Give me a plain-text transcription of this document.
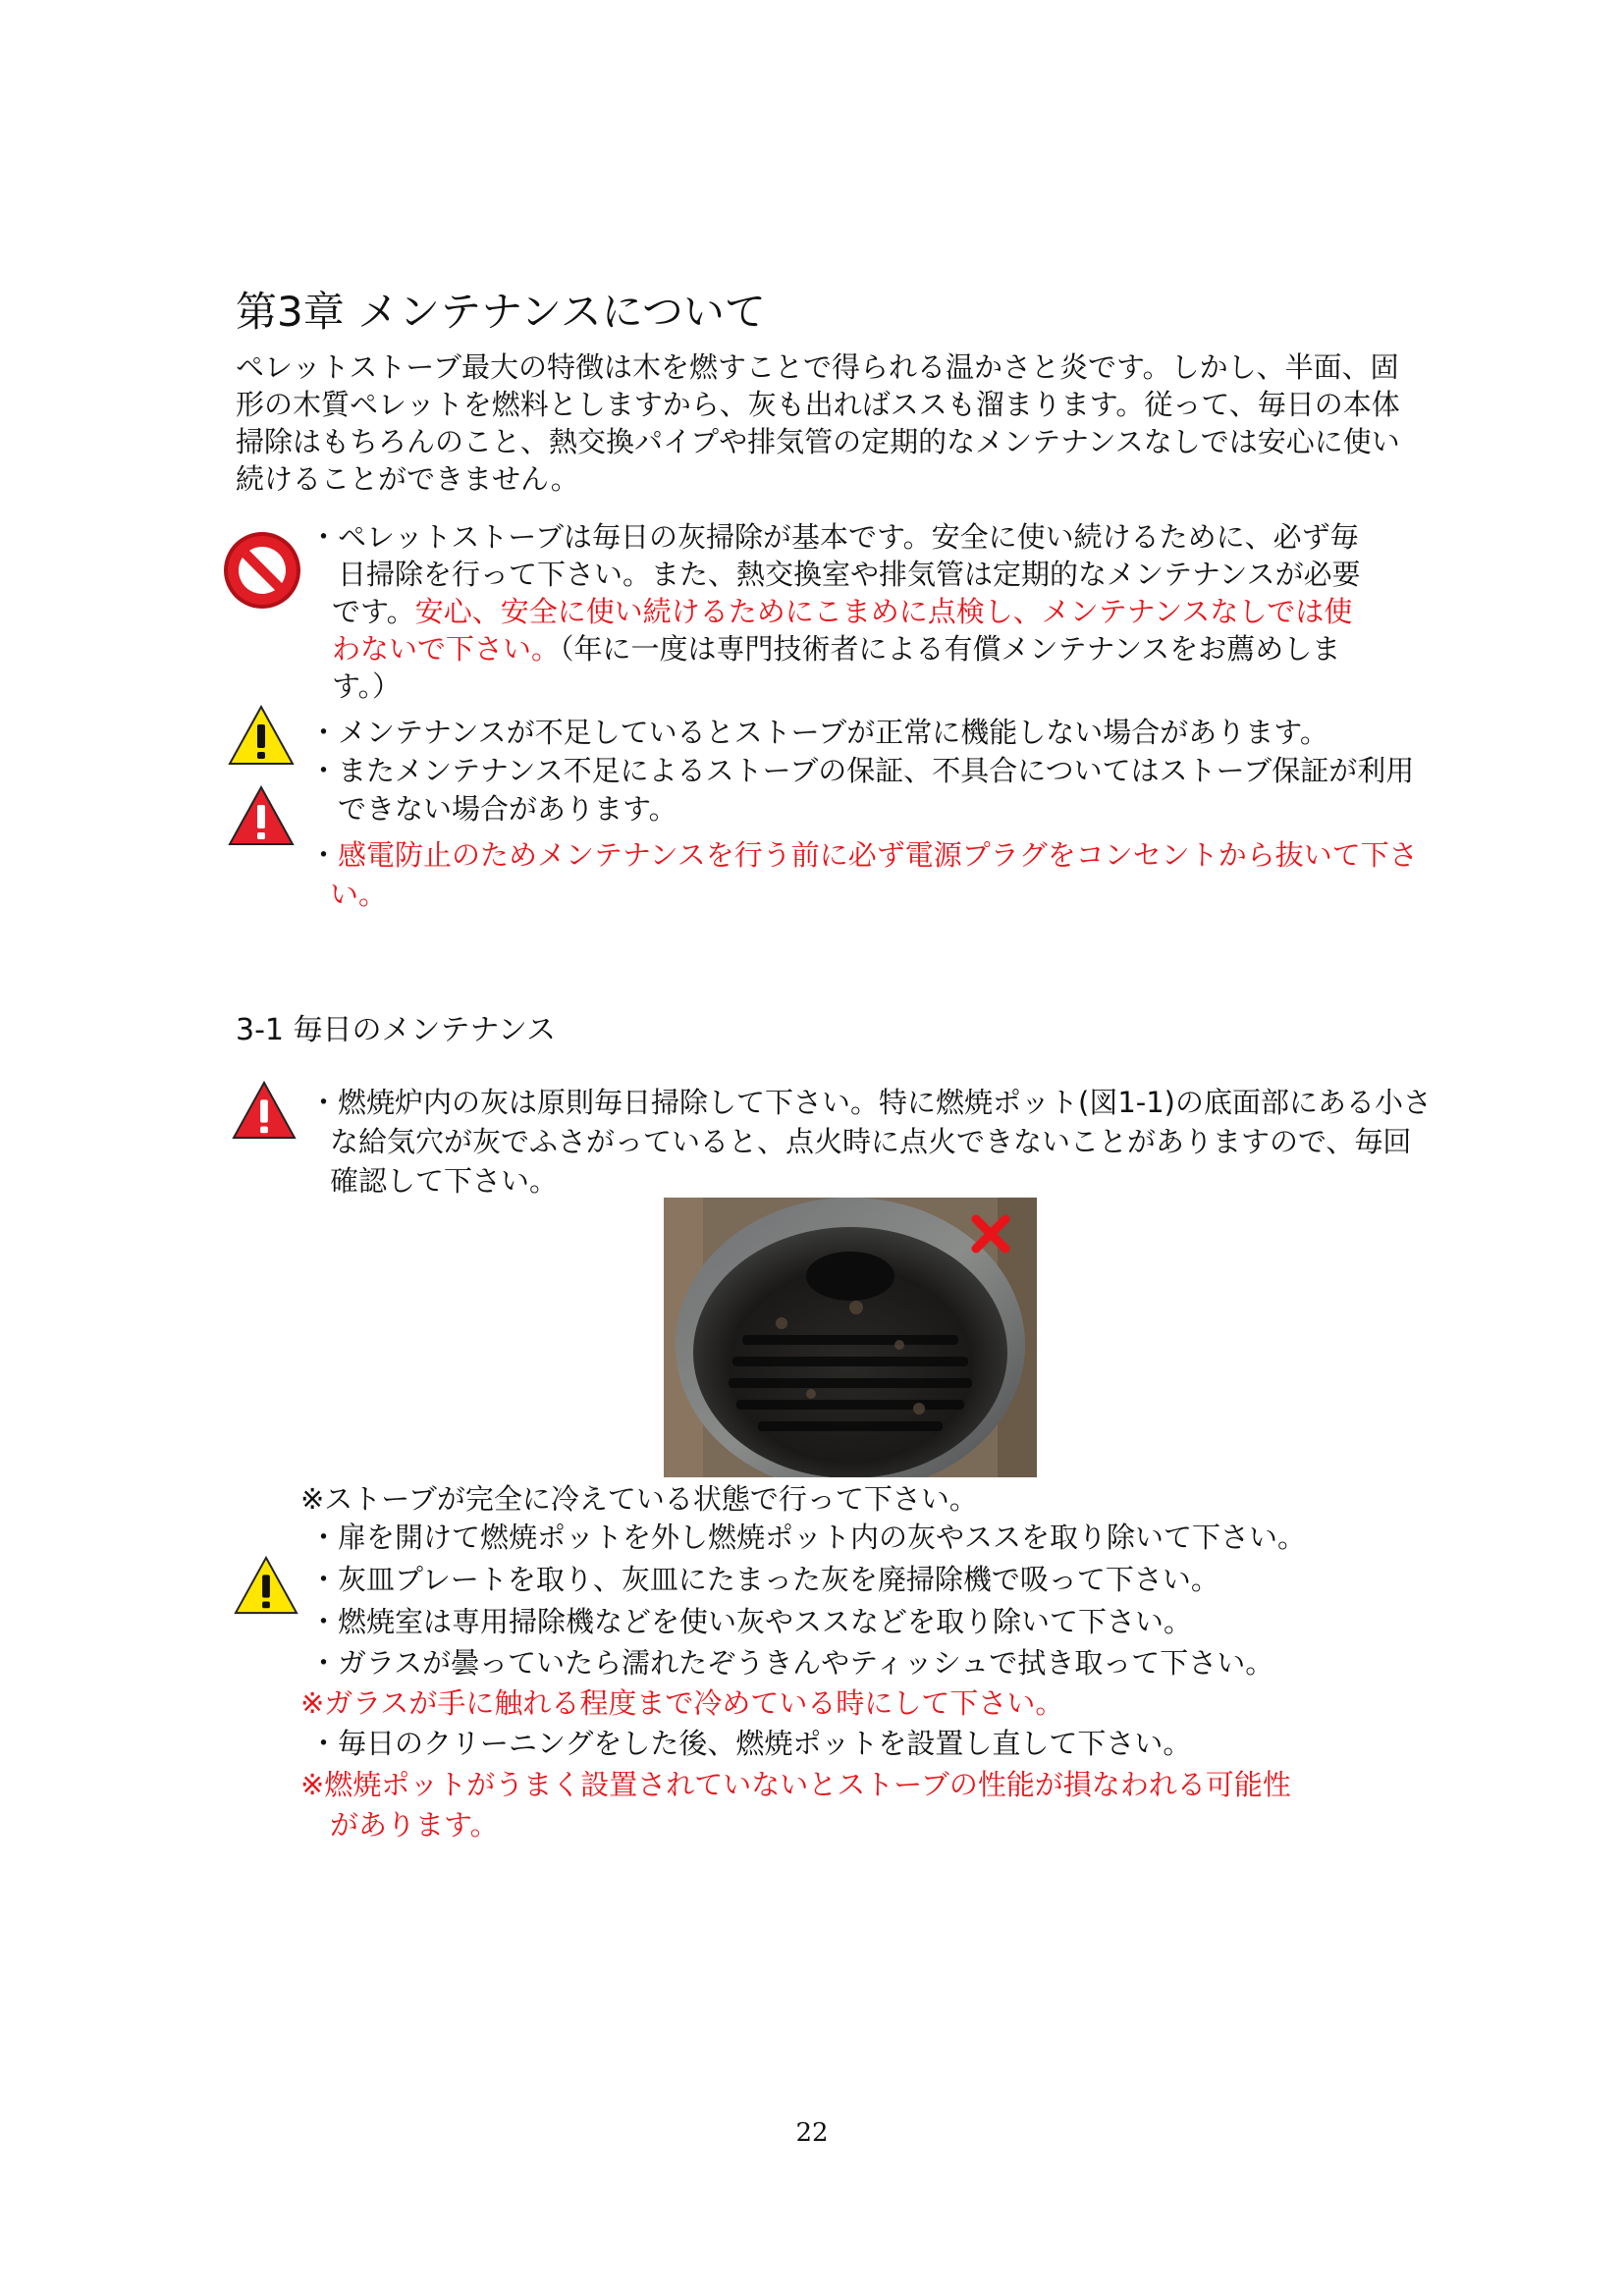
第3章 メンテナンスについて
ペレットストーブ最大の特徴は木を燃すことで得られる温かさと炎です。しかし、半面、固
形の木質ペレットを燃料としますから、灰も出ればススも溜まります。従って、毎日の本体
掃除はもちろんのこと、熱交換パイプや排気管の定期的なメンテナンスなしでは安心に使い
続けることができません。
・ペレットストーブは毎日の灰掃除が基本です。安全に使い続けるために、必ず毎
日掃除を行って下さい。また、熱交換室や排気管は定期的なメンテナンスが必要
です。安心、安全に使い続けるためにこまめに点検し、メンテナンスなしでは使
わないで下さい。（年に一度は専門技術者による有償メンテナンスをお薦めしま
す。）
・メンテナンスが不足しているとストーブが正常に機能しない場合があります。
・またメンテナンス不足によるストーブの保証、不具合についてはストーブ保証が利用
できない場合があります。
・感電防止のためメンテナンスを行う前に必ず電源プラグをコンセントから抜いて下さ
い。
3-1 毎日のメンテナンス
・燃焼炉内の灰は原則毎日掃除して下さい。特に燃焼ポット(図1-1)の底面部にある小さ
な給気穴が灰でふさがっていると、点火時に点火できないことがありますので、毎回
確認して下さい。
※ストーブが完全に冷えている状態で行って下さい。
・扉を開けて燃焼ポットを外し燃焼ポット内の灰やススを取り除いて下さい。
・灰皿プレートを取り、灰皿にたまった灰を廃掃除機で吸って下さい。
・燃焼室は専用掃除機などを使い灰やススなどを取り除いて下さい。
・ガラスが曇っていたら濡れたぞうきんやティッシュで拭き取って下さい。
※ガラスが手に触れる程度まで冷めている時にして下さい。
・毎日のクリーニングをした後、燃焼ポットを設置し直して下さい。
※燃焼ポットがうまく設置されていないとストーブの性能が損なわれる可能性
があります。
22
